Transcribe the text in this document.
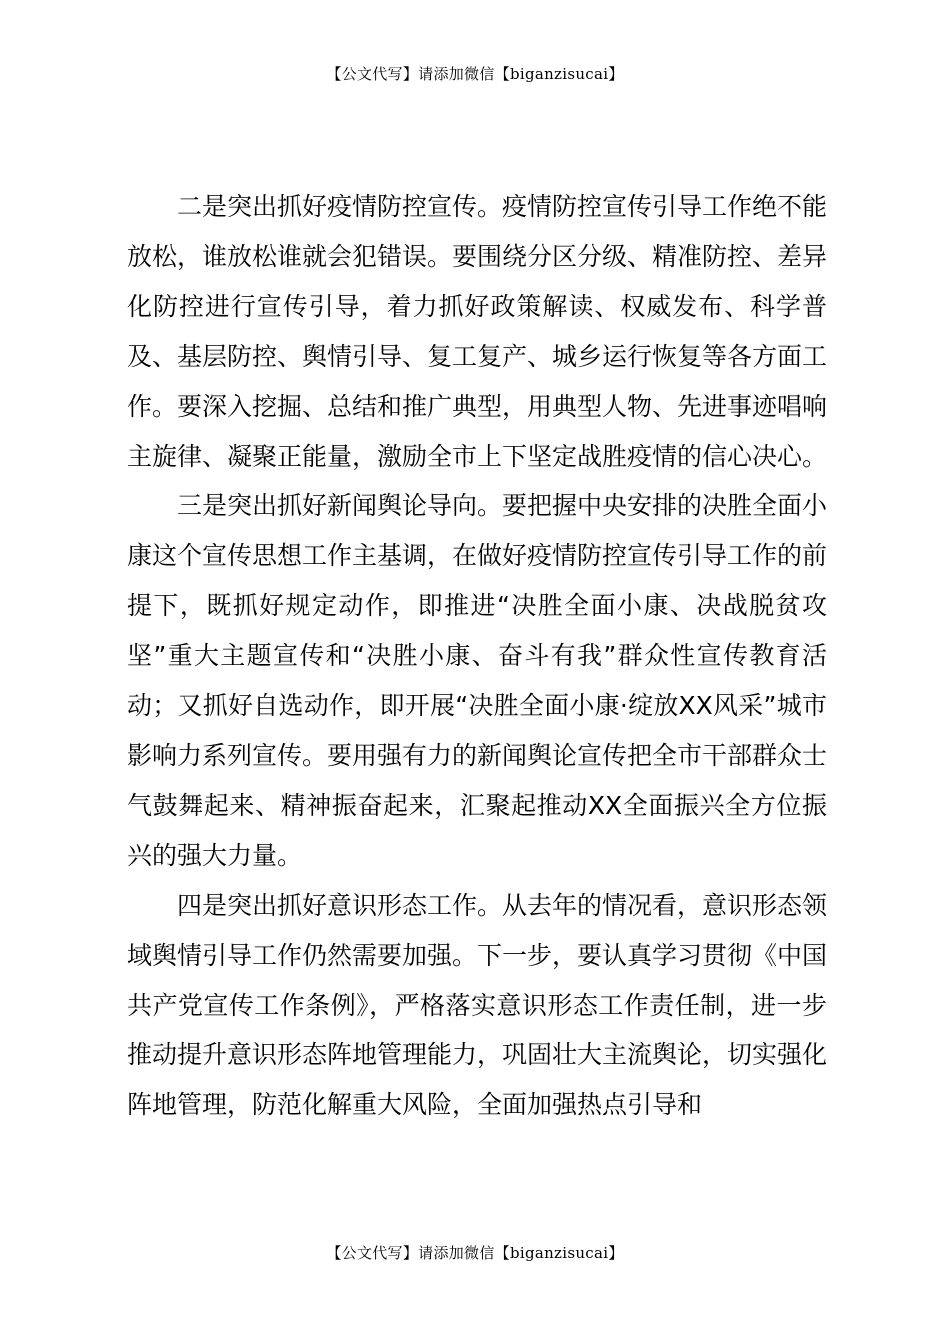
【公文代写】请添加微信【biganzisucai】

二是突出抓好疫情防控宣传。疫情防控宣传引导工作绝不能放松，谁放松谁就会犯错误。要围绕分区分级、精准防控、差异化防控进行宣传引导，着力抓好政策解读、权威发布、科学普及、基层防控、舆情引导、复工复产、城乡运行恢复等各方面工作。要深入挖掘、总结和推广典型，用典型人物、先进事迹唱响主旋律、凝聚正能量，激励全市上下坚定战胜疫情的信心决心。

三是突出抓好新闻舆论导向。要把握中央安排的决胜全面小康这个宣传思想工作主基调，在做好疫情防控宣传引导工作的前提下，既抓好规定动作，即推进“决胜全面小康、决战脱贫攻坚”重大主题宣传和“决胜小康、奋斗有我”群众性宣传教育活动；又抓好自选动作，即开展“决胜全面小康·绽放XX风采”城市影响力系列宣传。要用强有力的新闻舆论宣传把全市干部群众士气鼓舞起来、精神振奋起来，汇聚起推动XX全面振兴全方位振兴的强大力量。

四是突出抓好意识形态工作。从去年的情况看，意识形态领域舆情引导工作仍然需要加强。下一步，要认真学习贯彻《中国共产党宣传工作条例》，严格落实意识形态工作责任制，进一步推动提升意识形态阵地管理能力，巩固壮大主流舆论，切实强化阵地管理，防范化解重大风险，全面加强热点引导和

【公文代写】请添加微信【biganzisucai】
